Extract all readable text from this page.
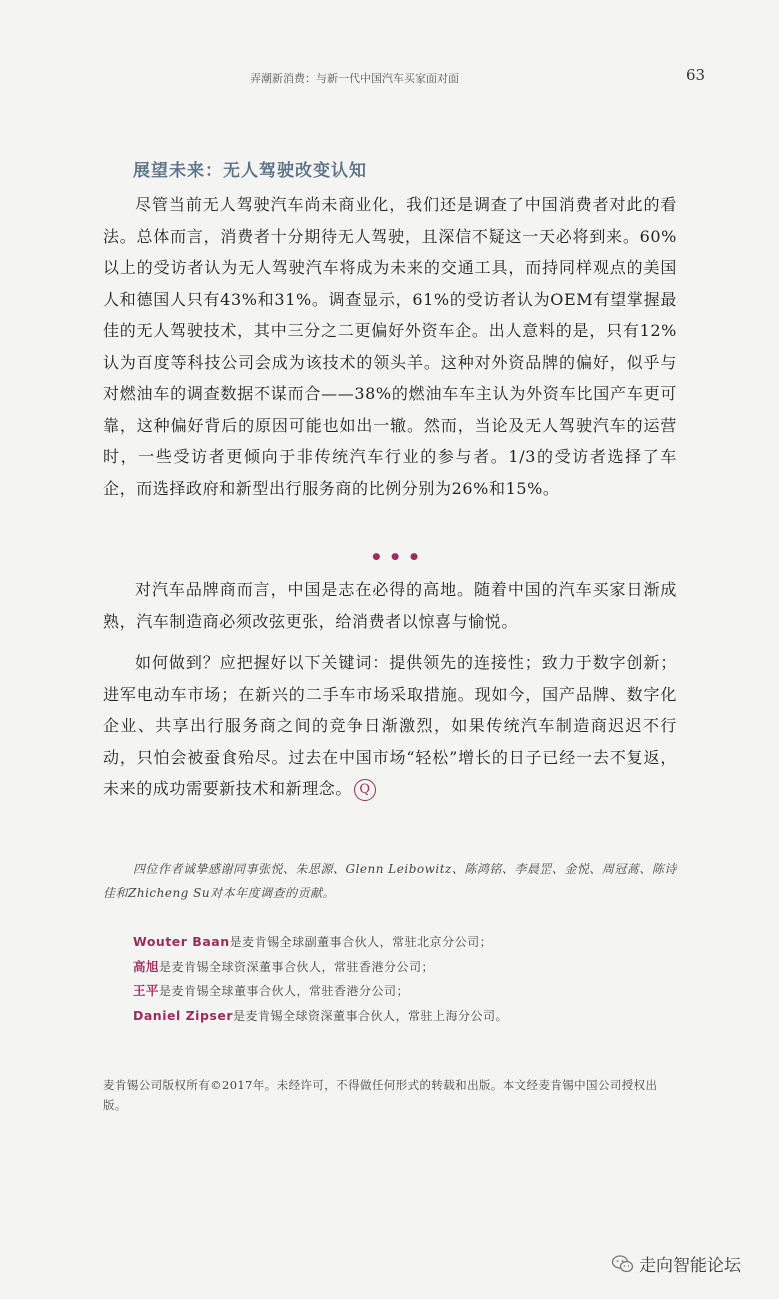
弄潮新消费：与新一代中国汽车买家面对面	63
展望未来：无人驾驶改变认知

尽管当前无人驾驶汽车尚未商业化，我们还是调查了中国消费者对此的看法。总体而言，消费者十分期待无人驾驶，且深信不疑这一天必将到来。60%以上的受访者认为无人驾驶汽车将成为未来的交通工具，而持同样观点的美国人和德国人只有43%和31%。调查显示，61%的受访者认为OEM有望掌握最佳的无人驾驶技术，其中三分之二更偏好外资车企。出人意料的是，只有12%认为百度等科技公司会成为该技术的领头羊。这种对外资品牌的偏好，似乎与对燃油车的调查数据不谋而合——38%的燃油车车主认为外资车比国产车更可靠，这种偏好背后的原因可能也如出一辙。然而，当论及无人驾驶汽车的运营时，一些受访者更倾向于非传统汽车行业的参与者。1/3的受访者选择了车企，而选择政府和新型出行服务商的比例分别为26%和15%。

•••

对汽车品牌商而言，中国是志在必得的高地。随着中国的汽车买家日渐成熟，汽车制造商必须改弦更张，给消费者以惊喜与愉悦。

如何做到？应把握好以下关键词：提供领先的连接性；致力于数字创新；进军电动车市场；在新兴的二手车市场采取措施。现如今，国产品牌、数字化企业、共享出行服务商之间的竞争日渐激烈，如果传统汽车制造商迟迟不行动，只怕会被蚕食殆尽。过去在中国市场“轻松”增长的日子已经一去不复返，未来的成功需要新技术和新理念。 Q

四位作者诚挚感谢同事张悦、朱思源、Glenn Leibowitz、陈鸿铭、李晨罡、金悦、周冠蒿、陈诗佳和Zhicheng Su对本年度调查的贡献。

Wouter Baan是麦肯锡全球副董事合伙人，常驻北京分公司；
高旭是麦肯锡全球资深董事合伙人，常驻香港分公司；
王平是麦肯锡全球董事合伙人，常驻香港分公司；
Daniel Zipser是麦肯锡全球资深董事合伙人，常驻上海分公司。

麦肯锡公司版权所有©2017年。未经许可，不得做任何形式的转载和出版。本文经麦肯锡中国公司授权出版。

走向智能论坛
